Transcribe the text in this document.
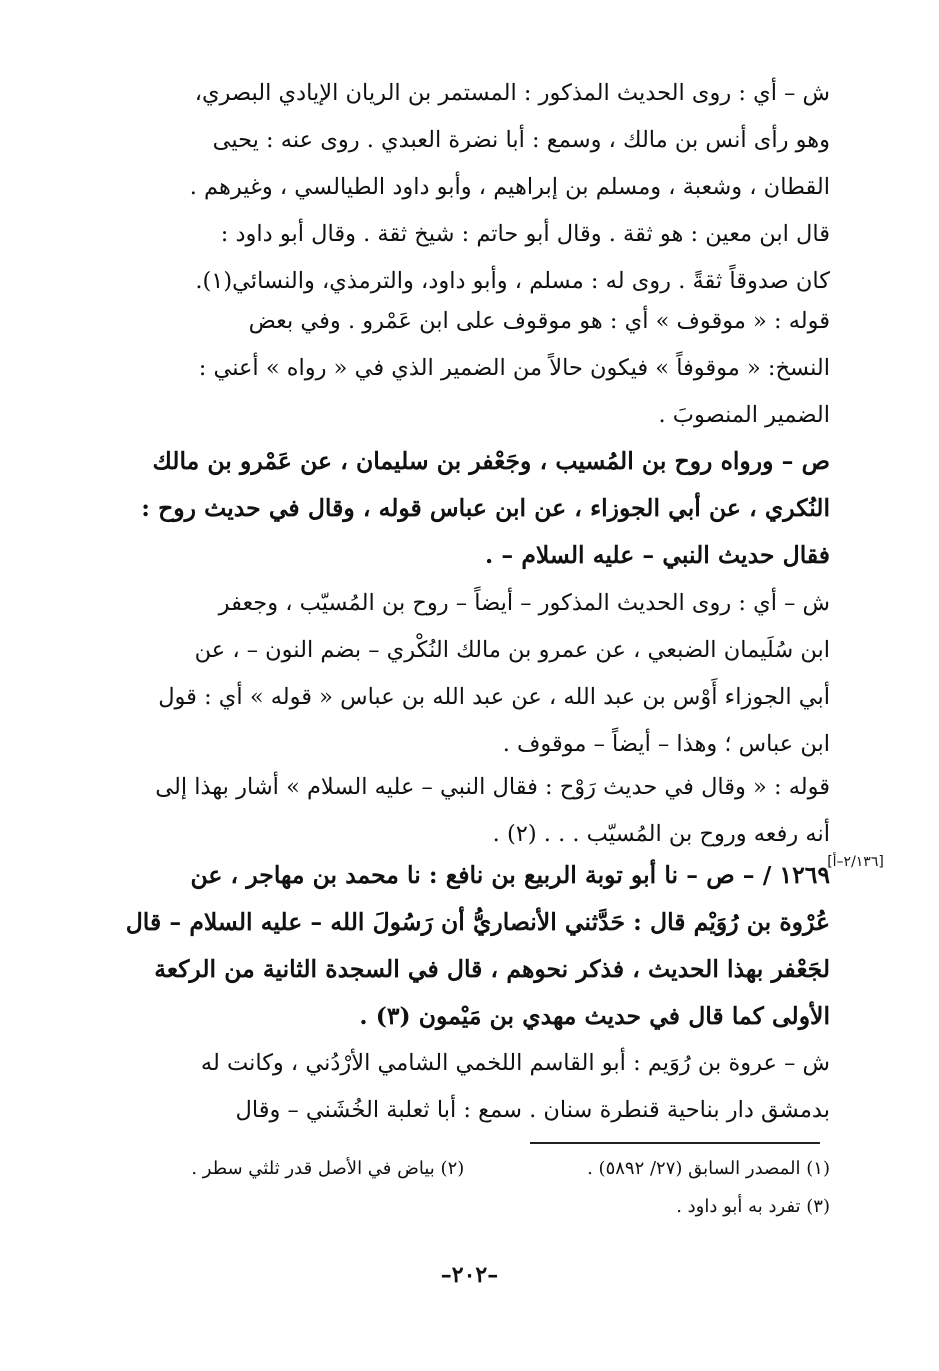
ش – أي : روى الحديث المذكور : المستمر بن الريان الإيادي البصري،
وهو رأى أنس بن مالك ، وسمع : أبا نضرة العبدي . روى عنه : يحيى
القطان ، وشعبة ، ومسلم بن إبراهيم ، وأبو داود الطيالسي ، وغيرهم .
قال ابن معين : هو ثقة . وقال أبو حاتم : شيخ ثقة . وقال أبو داود :
كان صدوقاً ثقةً . روى له : مسلم ، وأبو داود، والترمذي، والنسائي(١).
قوله : « موقوف » أي : هو موقوف على ابن عَمْرو . وفي بعض
النسخ: « موقوفاً » فيكون حالاً من الضمير الذي في « رواه » أعني :
الضمير المنصوبَ .
ص – ورواه روح بن المُسيب ، وجَعْفر بن سليمان ، عن عَمْرو بن مالك
النُكري ، عن أبي الجوزاء ، عن ابن عباس قوله ، وقال في حديث روح :
فقال حديث النبي – عليه السلام – .
ش – أي : روى الحديث المذكور – أيضاً – روح بن المُسيّب ، وجعفر
ابن سُلَيمان الضبعي ، عن عمرو بن مالك النُكْري – بضم النون – ، عن
أبي الجوزاء أَوْس بن عبد الله ، عن عبد الله بن عباس « قوله » أي : قول
ابن عباس ؛ وهذا – أيضاً – موقوف .
قوله : « وقال في حديث رَوْح : فقال النبي – عليه السلام » أشار بهذا إلى
أنه رفعه وروح بن المُسيّب . . . (٢) .
١٢٦٩ / – ص – نا أبو توبة الربيع بن نافع : نا محمد بن مهاجر ، عن
عُرْوة بن رُوَيْم قال : حَدَّثني الأنصاريُّ أن رَسُولَ الله – عليه السلام – قال
لجَعْفر بهذا الحديث ، فذكر نحوهم ، قال في السجدة الثانية من الركعة
الأولى كما قال في حديث مهدي بن مَيْمون (٣) .
ش – عروة بن رُوَيم : أبو القاسم اللخمي الشامي الأرْدُني ، وكانت له
بدمشق دار بناحية قنطرة سنان . سمع : أبا ثعلبة الخُشَني – وقال
[٢/١٣٦–أ]
(١) المصدر السابق (٢٧/ ٥٨٩٢) . (٢) بياض في الأصل قدر ثلثي سطر .
(٣) تفرد به أبو داود .
–٢٠٢–
